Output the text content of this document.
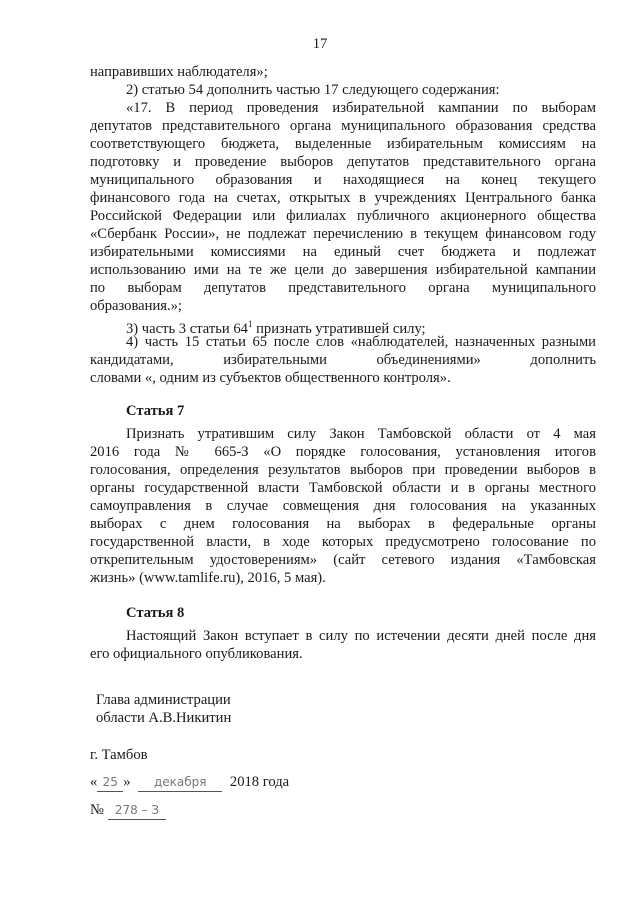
17
направивших наблюдателя»;
2) статью 54 дополнить частью 17 следующего содержания:
«17. В период проведения избирательной кампании по выборам
депутатов представительного органа муниципального образования средства
соответствующего бюджета, выделенные избирательным комиссиям на
подготовку и проведение выборов депутатов представительного органа
муниципального образования и находящиеся на конец текущего
финансового года на счетах, открытых в учреждениях Центрального банка
Российской Федерации или филиалах публичного акционерного общества
«Сбербанк России», не подлежат перечислению в текущем финансовом году
избирательными комиссиями на единый счет бюджета и подлежат
использованию ими на те же цели до завершения избирательной кампании
по выборам депутатов представительного органа муниципального
образования.»;
3) часть 3 статьи $64^1$ признать утратившей силу;
4) часть 15 статьи 65 после слов «наблюдателей, назначенных разными
кандидатами, избирательными объединениями» дополнить
словами «, одним из субъектов общественного контроля».
Статья 7
Признать утратившим силу Закон Тамбовской области от 4 мая
2016 года № 665-З «О порядке голосования, установления итогов
голосования, определения результатов выборов при проведении выборов в
органы государственной власти Тамбовской области и в органы местного
самоуправления в случае совмещения дня голосования на указанных
выборах с днем голосования на выборах в федеральные органы
государственной власти, в ходе которых предусмотрено голосование по
открепительным удостоверениям» (сайт сетевого издания «Тамбовская
жизнь» (www.tamlife.ru), 2016, 5 мая).
Статья 8
Настоящий Закон вступает в силу по истечении десяти дней после дня
его официального опубликования.
Глава администрации
области А.В.Никитин
г. Тамбов
« 25 » декабря 2018 года
№ 278 – З
